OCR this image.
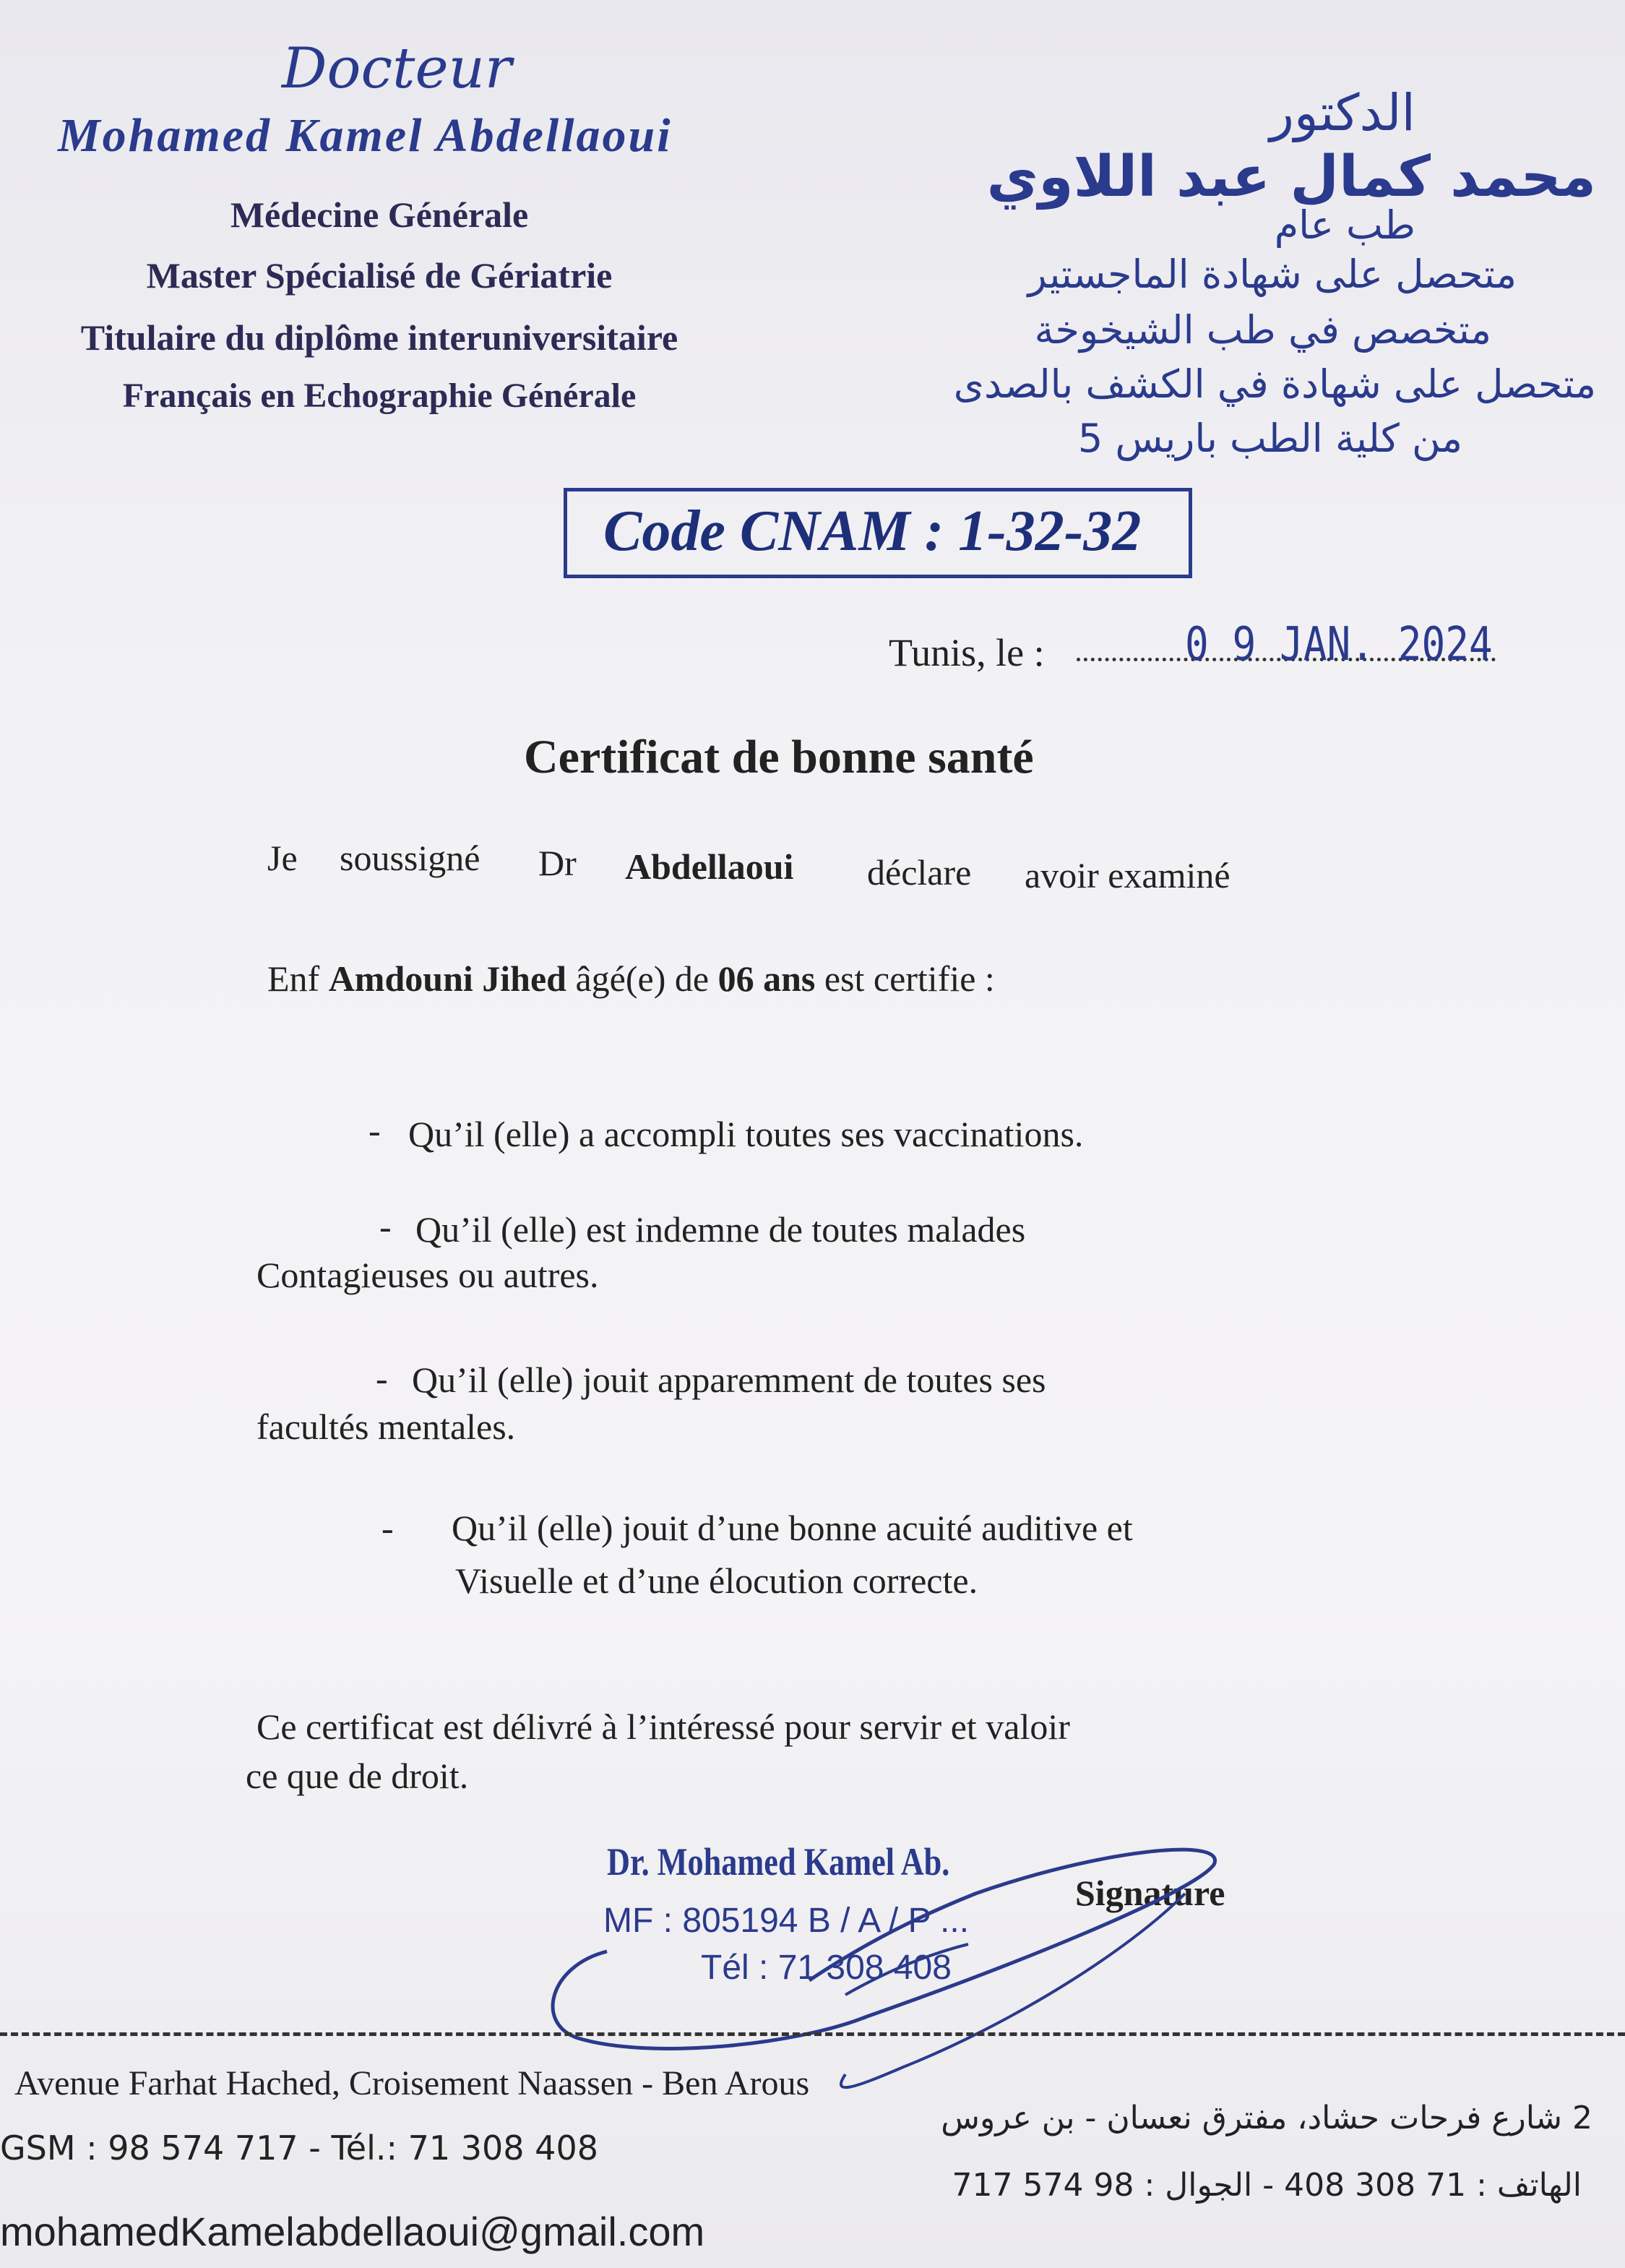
Docteur
Mohamed Kamel Abdellaoui
Médecine Générale
Master Spécialisé de Gériatrie
Titulaire du diplôme interuniversitaire
Français en Echographie Générale
الدكتور
محمد كمال عبد اللاوي
طب عام
متحصل على شهادة الماجستير
متخصص في طب الشيخوخة
متحصل على شهادة في الكشف بالصدى
من كلية الطب باريس 5
Code CNAM : 1-32-32
Tunis, le :	0 9 JAN. 2024
Certificat de bonne santé
Je soussigné Dr Abdellaoui déclare avoir examiné
Enf Amdouni Jihed âgé(e) de 06 ans est certifie :
- Qu’il (elle) a accompli toutes ses vaccinations.
- Qu’il (elle) est indemne de toutes malades
Contagieuses ou autres.
- Qu’il (elle) jouit apparemment de toutes ses
facultés mentales.
- Qu’il (elle) jouit d’une bonne acuité auditive et
Visuelle et d’une élocution correcte.
Ce certificat est délivré à l’intéressé pour servir et valoir
ce que de droit.
Dr. Mohamed Kamel Ab.
MF : 805194 B / A / P ...
Tél : 71 308 408
Signature
Avenue Farhat Hached, Croisement Naassen - Ben Arous
GSM : 98 574 717 - Tél.: 71 308 408
mohamedKamelabdellaoui@gmail.com
2 شارع فرحات حشاد، مفترق نعسان - بن عروس
الهاتف : 71 308 408 - الجوال : 98 574 717
